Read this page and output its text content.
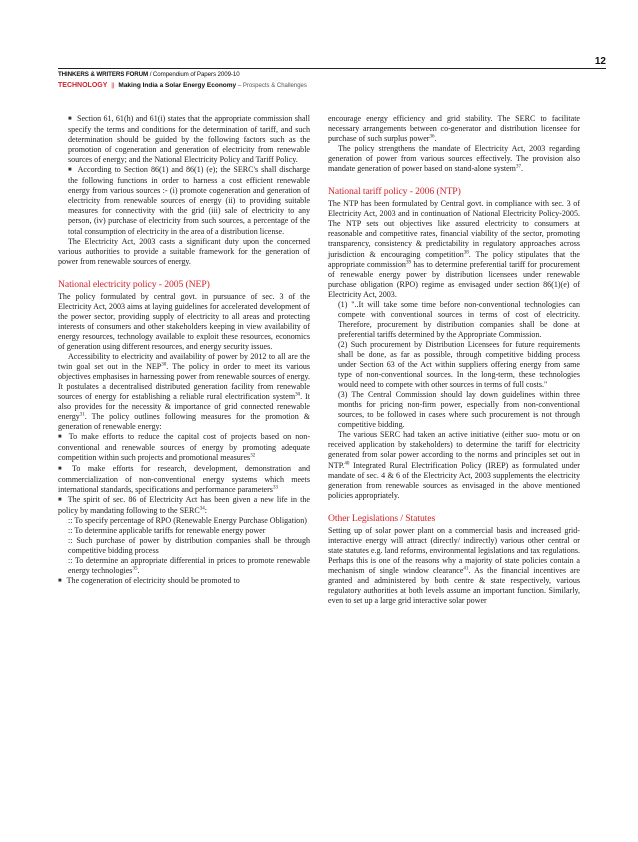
12
THINKERS & WRITERS FORUM / Compendium of Papers 2009-10
TECHNOLOGY || Making India a Solar Energy Economy – Prospects & Challenges

■ Section 61, 61(h) and 61(i) states that the appropriate commission shall specify the terms and conditions for the determination of tariff, and such determination should be guided by the following factors such as the promotion of cogeneration and generation of electricity from renewable sources of energy; and the National Electricity Policy and Tariff Policy.

■ According to Section 86(1) and 86(1) (e); the SERC's shall discharge the following functions in order to harness a cost efficient renewable energy from various sources :- (i) promote cogeneration and generation of electricity from renewable sources of energy (ii) to providing suitable measures for connectivity with the grid (iii) sale of electricity to any person, (iv) purchase of electricity from such sources, a percentage of the total consumption of electricity in the area of a distribution license.

The Electricity Act, 2003 casts a significant duty upon the concerned various authorities to provide a suitable framework for the generation of power from renewable sources of energy.

National electricity policy - 2005 (NEP)

The policy formulated by central govt. in pursuance of sec. 3 of the Electricity Act, 2003 aims at laying guidelines for accelerated development of the power sector, providing supply of electricity to all areas and protecting interests of consumers and other stakeholders keeping in view availability of energy resources, technology available to exploit these resources, economics of generation using different resources, and energy security issues.

Accessibility to electricity and availability of power by 2012 to all are the twin goal set out in the NEP$^{30}$. The policy in order to meet its various objectives emphasises in harnessing power from renewable sources of energy. It postulates a decentralised distributed generation facility from renewable sources of energy for establishing a reliable rural electrification system$^{30}$. It also provides for the necessity & importance of grid connected renewable energy$^{31}$. The policy outlines following measures for the promotion & generation of renewable energy:

■ To make efforts to reduce the capital cost of projects based on non-conventional and renewable sources of energy by promoting adequate competition within such projects and promotional measures$^{32}$

■ To make efforts for research, development, demonstration and commercialization of non-conventional energy systems which meets international standards, specifications and performance parameters$^{33}$

■ The spirit of sec. 86 of Electricity Act has been given a new life in the policy by mandating following to the SERC$^{34}$:

:: To specify percentage of RPO (Renewable Energy Purchase Obligation)

:: To determine applicable tariffs for renewable energy power

:: Such purchase of power by distribution companies shall be through competitive bidding process

:: To determine an appropriate differential in prices to promote renewable energy technologies$^{35}$.

■ The cogeneration of electricity should be promoted to

encourage energy efficiency and grid stability. The SERC to facilitate necessary arrangements between co-generator and distribution licensee for purchase of such surplus power$^{36}$.

The policy strengthens the mandate of Electricity Act, 2003 regarding generation of power from various sources effectively. The provision also mandate generation of power based on stand-alone system$^{37}$.

National tariff policy - 2006 (NTP)

The NTP has been formulated by Central govt. in compliance with sec. 3 of Electricity Act, 2003 and in continuation of National Electricity Policy-2005. The NTP sets out objectives like assured electricity to consumers at reasonable and competitive rates, financial viability of the sector, promoting transparency, consistency & predictability in regulatory approaches across jurisdiction & encouraging competition$^{38}$. The policy stipulates that the appropriate commission$^{39}$ has to determine preferential tariff for procurement of renewable energy power by distribution licensees under renewable purchase obligation (RPO) regime as envisaged under section 86(1)(e) of Electricity Act, 2003.

(1) "..It will take some time before non-conventional technologies can compete with conventional sources in terms of cost of electricity. Therefore, procurement by distribution companies shall be done at preferential tariffs determined by the Appropriate Commission.

(2) Such procurement by Distribution Licensees for future requirements shall be done, as far as possible, through competitive bidding process under Section 63 of the Act within suppliers offering energy from same type of non-conventional sources. In the long-term, these technologies would need to compete with other sources in terms of full costs."

(3) The Central Commission should lay down guidelines within three months for pricing non-firm power, especially from non-conventional sources, to be followed in cases where such procurement is not through competitive bidding.

The various SERC had taken an active initiative (either suo- motu or on received application by stakeholders) to determine the tariff for electricity generated from solar power according to the norms and principles set out in NTP.$^{40}$ Integrated Rural Electrification Policy (IREP) as formulated under mandate of sec. 4 & 6 of the Electricity Act, 2003 supplements the electricity generation from renewable sources as envisaged in the above mentioned policies appropriately.

Other Legislations / Statutes

Setting up of solar power plant on a commercial basis and increased grid- interactive energy will attract (directly/ indirectly) various other central or state statutes e.g. land reforms, environmental legislations and tax regulations. Perhaps this is one of the reasons why a majority of state policies contain a mechanism of single window clearance$^{41}$. As the financial incentives are granted and administered by both centre & state respectively, various regulatory authorities at both levels assume an important function. Similarly, even to set up a large grid interactive solar power
